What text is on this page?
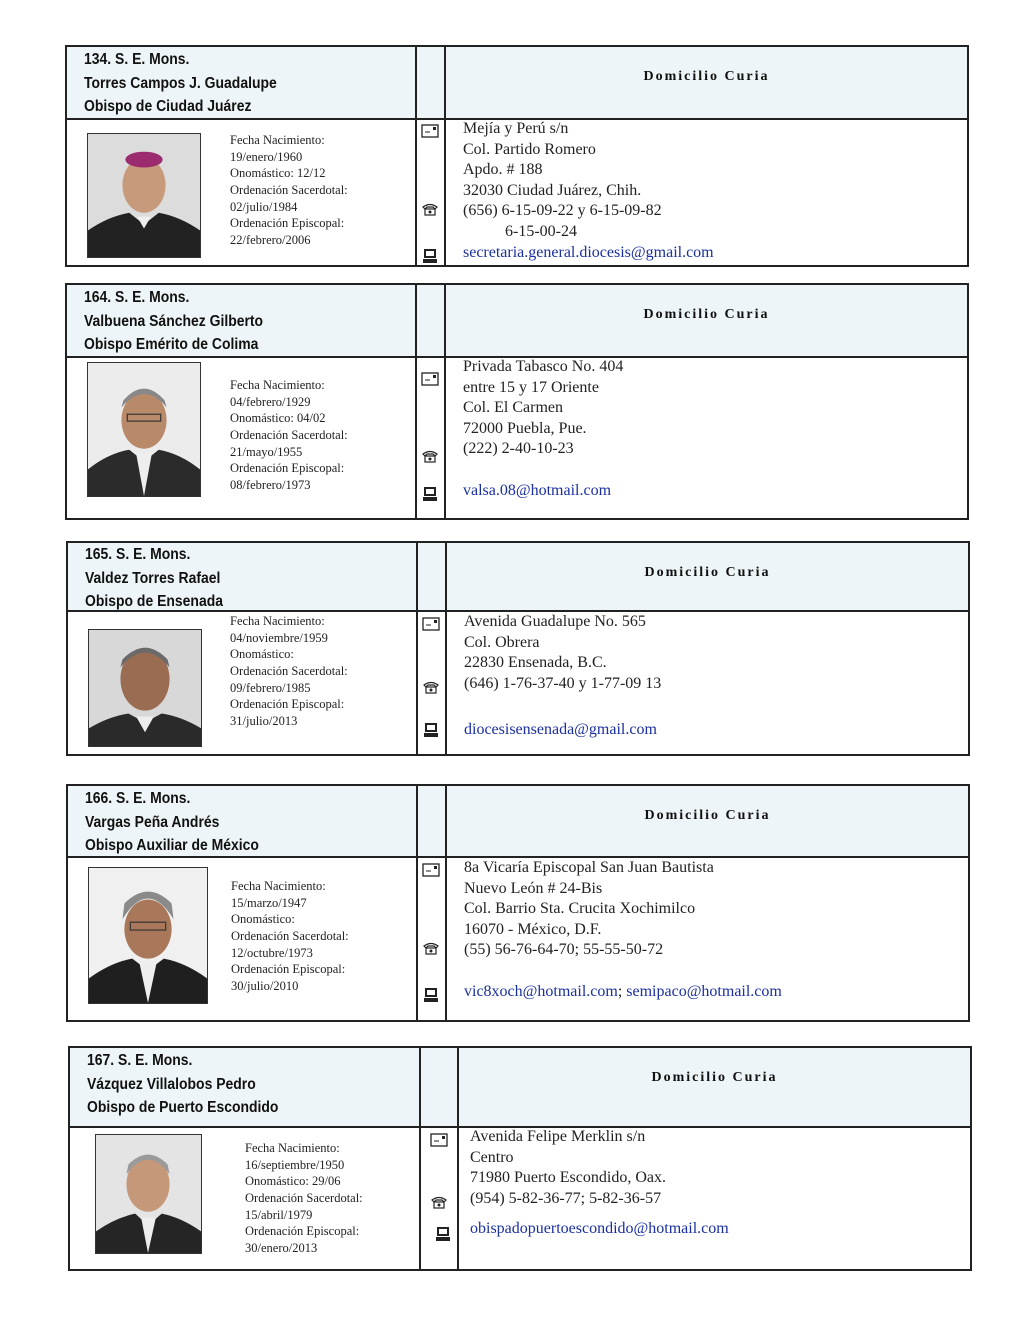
134. S. E. Mons.
Torres Campos J. Guadalupe
Obispo de Ciudad Juárez
Domicilio Curia
Fecha Nacimiento:
19/enero/1960
Onomástico: 12/12
Ordenación Sacerdotal:
02/julio/1984
Ordenación Episcopal:
22/febrero/2006
Mejía y Perú s/n
Col. Partido Romero
Apdo. # 188
32030 Ciudad Juárez, Chih.
(656) 6-15-09-22 y 6-15-09-82
6-15-00-24
secretaria.general.diocesis@gmail.com
164. S. E. Mons.
Valbuena Sánchez Gilberto
Obispo Emérito de Colima
Domicilio Curia
Fecha Nacimiento:
04/febrero/1929
Onomástico: 04/02
Ordenación Sacerdotal:
21/mayo/1955
Ordenación Episcopal:
08/febrero/1973
Privada Tabasco No. 404
entre 15 y 17 Oriente
Col. El Carmen
72000 Puebla, Pue.
(222) 2-40-10-23
valsa.08@hotmail.com
165. S. E. Mons.
Valdez Torres Rafael
Obispo de Ensenada
Domicilio Curia
Fecha Nacimiento:
04/noviembre/1959
Onomástico:
Ordenación Sacerdotal:
09/febrero/1985
Ordenación Episcopal:
31/julio/2013
Avenida Guadalupe No. 565
Col. Obrera
22830 Ensenada, B.C.
(646) 1-76-37-40 y 1-77-09 13
diocesisensenada@gmail.com
166. S. E. Mons.
Vargas Peña Andrés
Obispo Auxiliar de México
Domicilio Curia
Fecha Nacimiento:
15/marzo/1947
Onomástico:
Ordenación Sacerdotal:
12/octubre/1973
Ordenación Episcopal:
30/julio/2010
8a Vicaría Episcopal San Juan Bautista
Nuevo León # 24-Bis
Col. Barrio Sta. Crucita Xochimilco
16070 - México, D.F.
(55) 56-76-64-70; 55-55-50-72
vic8xoch@hotmail.com; semipaco@hotmail.com
167. S. E. Mons.
Vázquez Villalobos Pedro
Obispo de Puerto Escondido
Domicilio Curia
Fecha Nacimiento:
16/septiembre/1950
Onomástico: 29/06
Ordenación Sacerdotal:
15/abril/1979
Ordenación Episcopal:
30/enero/2013
Avenida Felipe Merklin s/n
Centro
71980 Puerto Escondido, Oax.
(954) 5-82-36-77; 5-82-36-57
obispadopuertoescondido@hotmail.com
